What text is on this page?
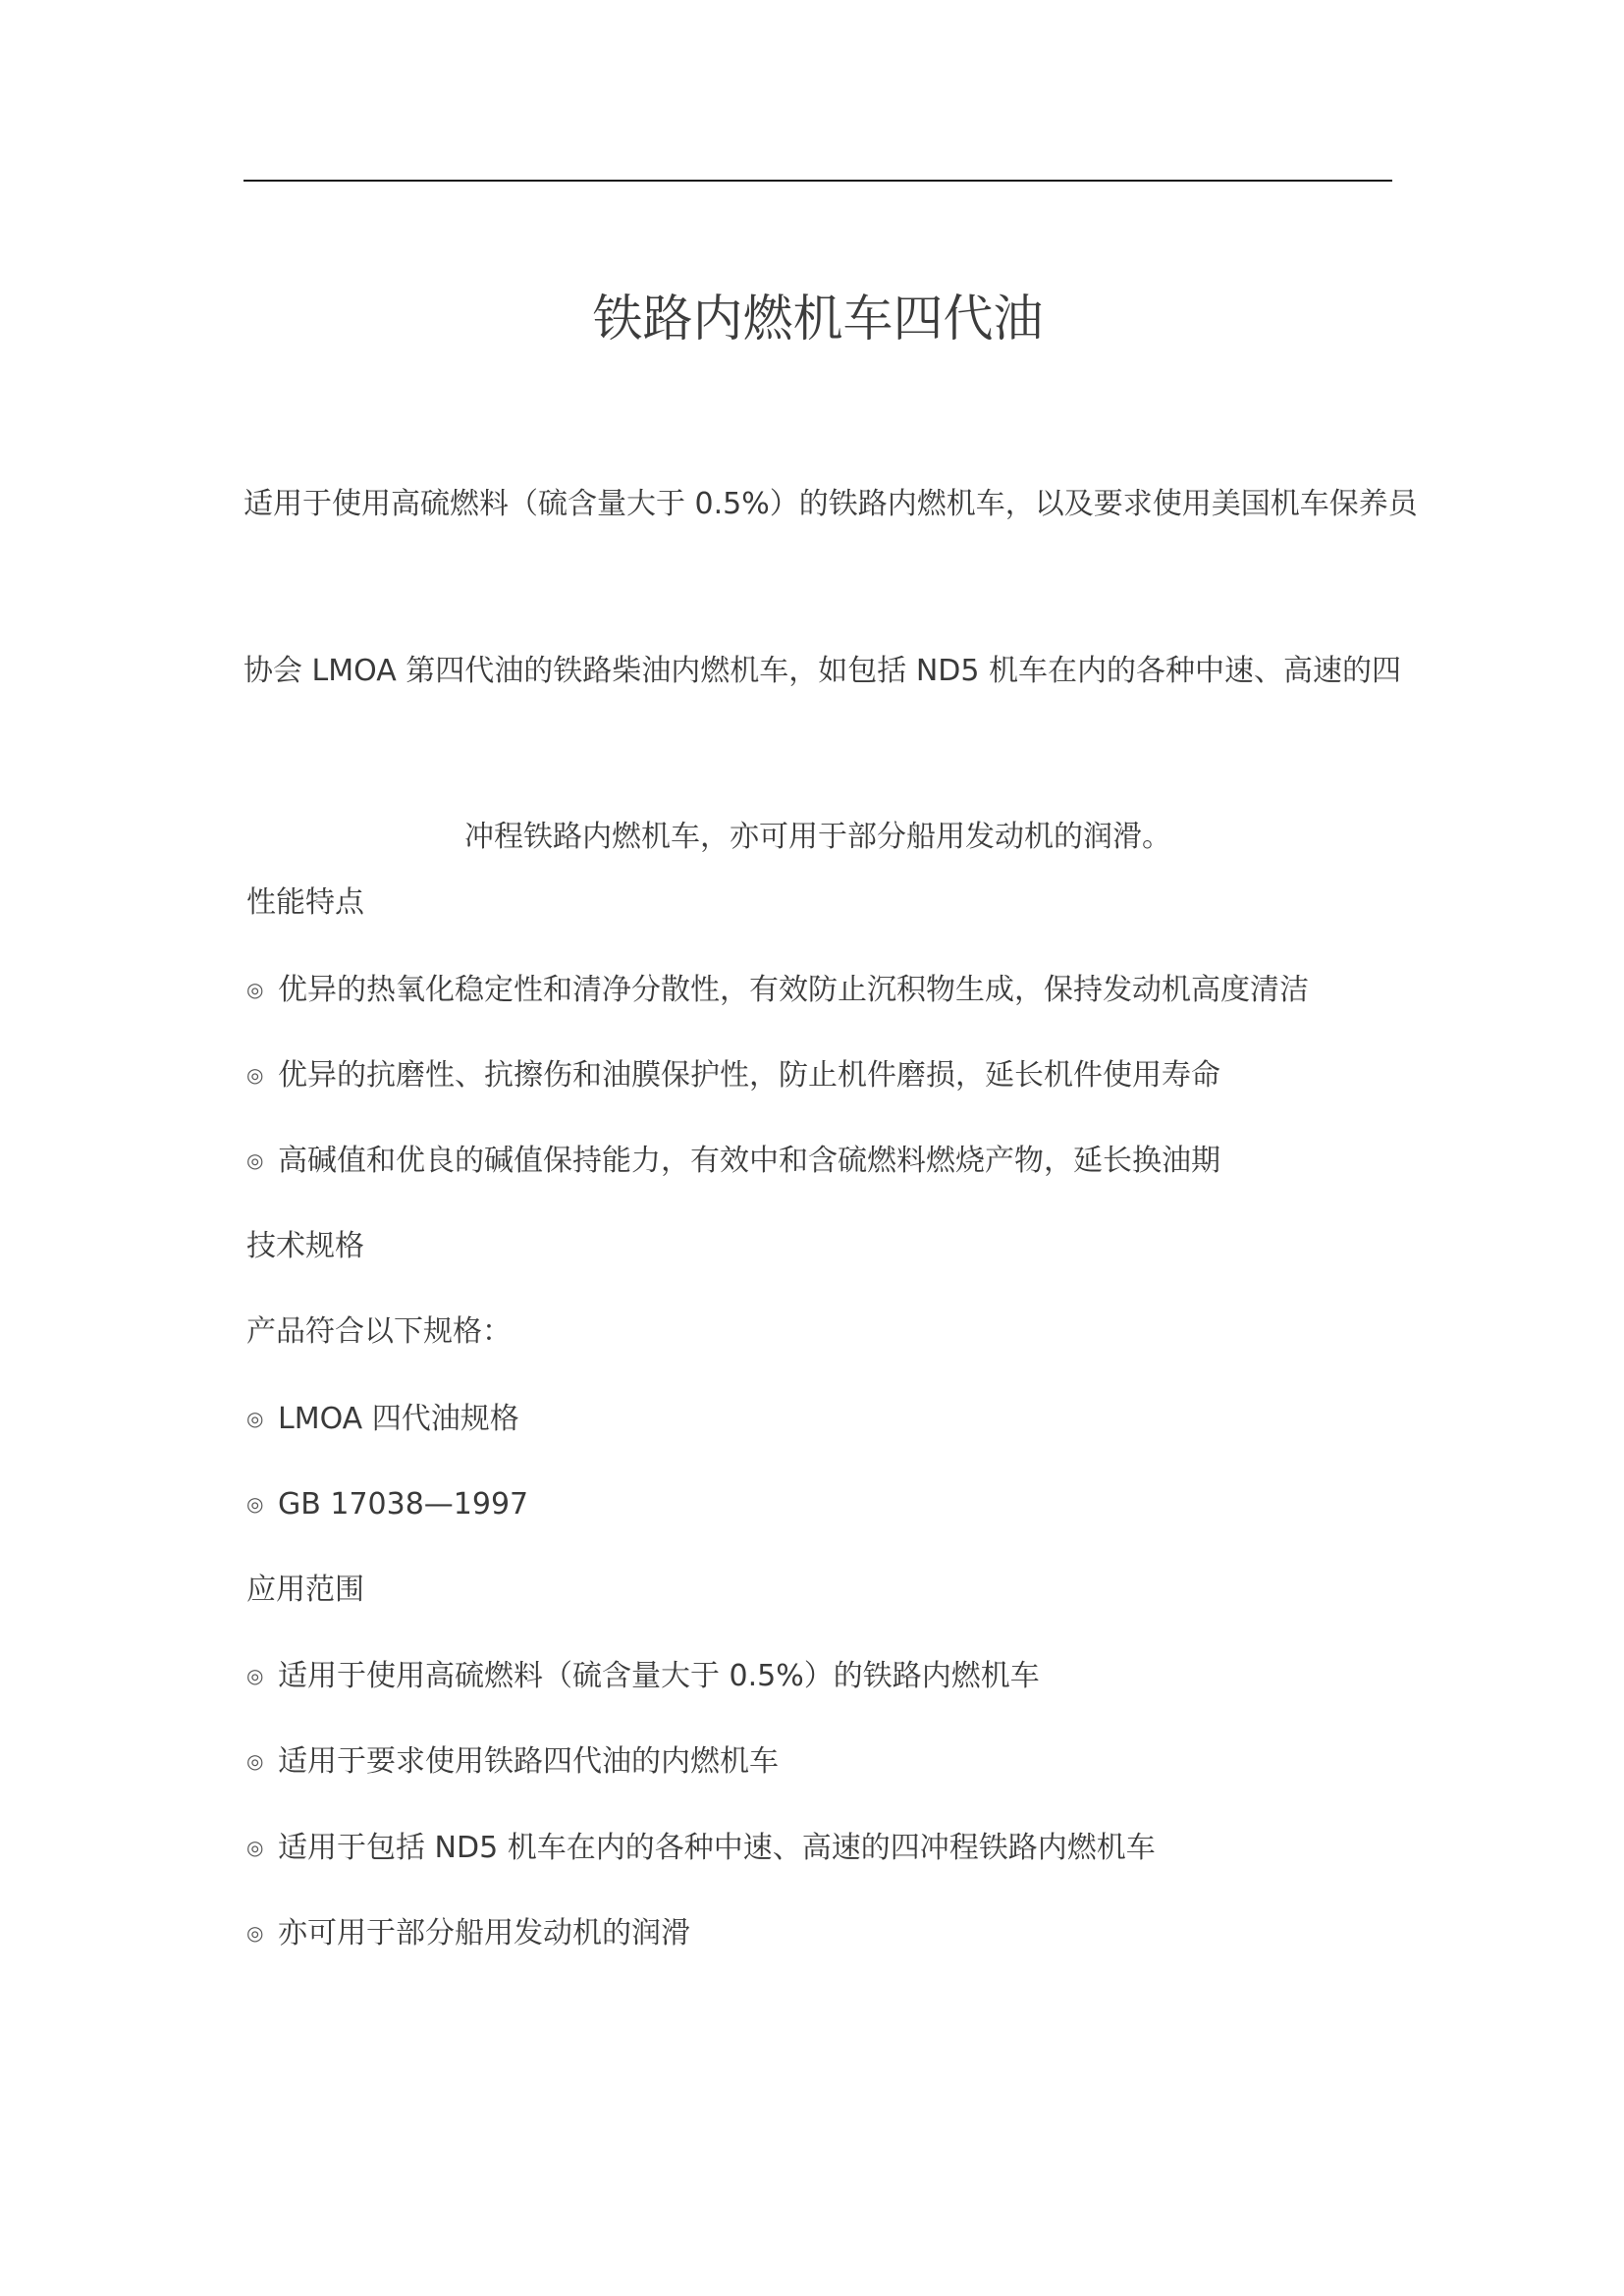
铁路内燃机车四代油
适用于使用高硫燃料（硫含量大于 0.5%）的铁路内燃机车，以及要求使用美国机车保养员
协会 LMOA 第四代油的铁路柴油内燃机车，如包括 ND5 机车在内的各种中速、高速的四
冲程铁路内燃机车，亦可用于部分船用发动机的润滑。
性能特点
◎ 优异的热氧化稳定性和清净分散性，有效防止沉积物生成，保持发动机高度清洁
◎ 优异的抗磨性、抗擦伤和油膜保护性，防止机件磨损，延长机件使用寿命
◎ 高碱值和优良的碱值保持能力，有效中和含硫燃料燃烧产物，延长换油期
技术规格
产品符合以下规格：
◎ LMOA 四代油规格
◎ GB 17038—1997
应用范围
◎ 适用于使用高硫燃料（硫含量大于 0.5%）的铁路内燃机车
◎ 适用于要求使用铁路四代油的内燃机车
◎ 适用于包括 ND5 机车在内的各种中速、高速的四冲程铁路内燃机车
◎ 亦可用于部分船用发动机的润滑
